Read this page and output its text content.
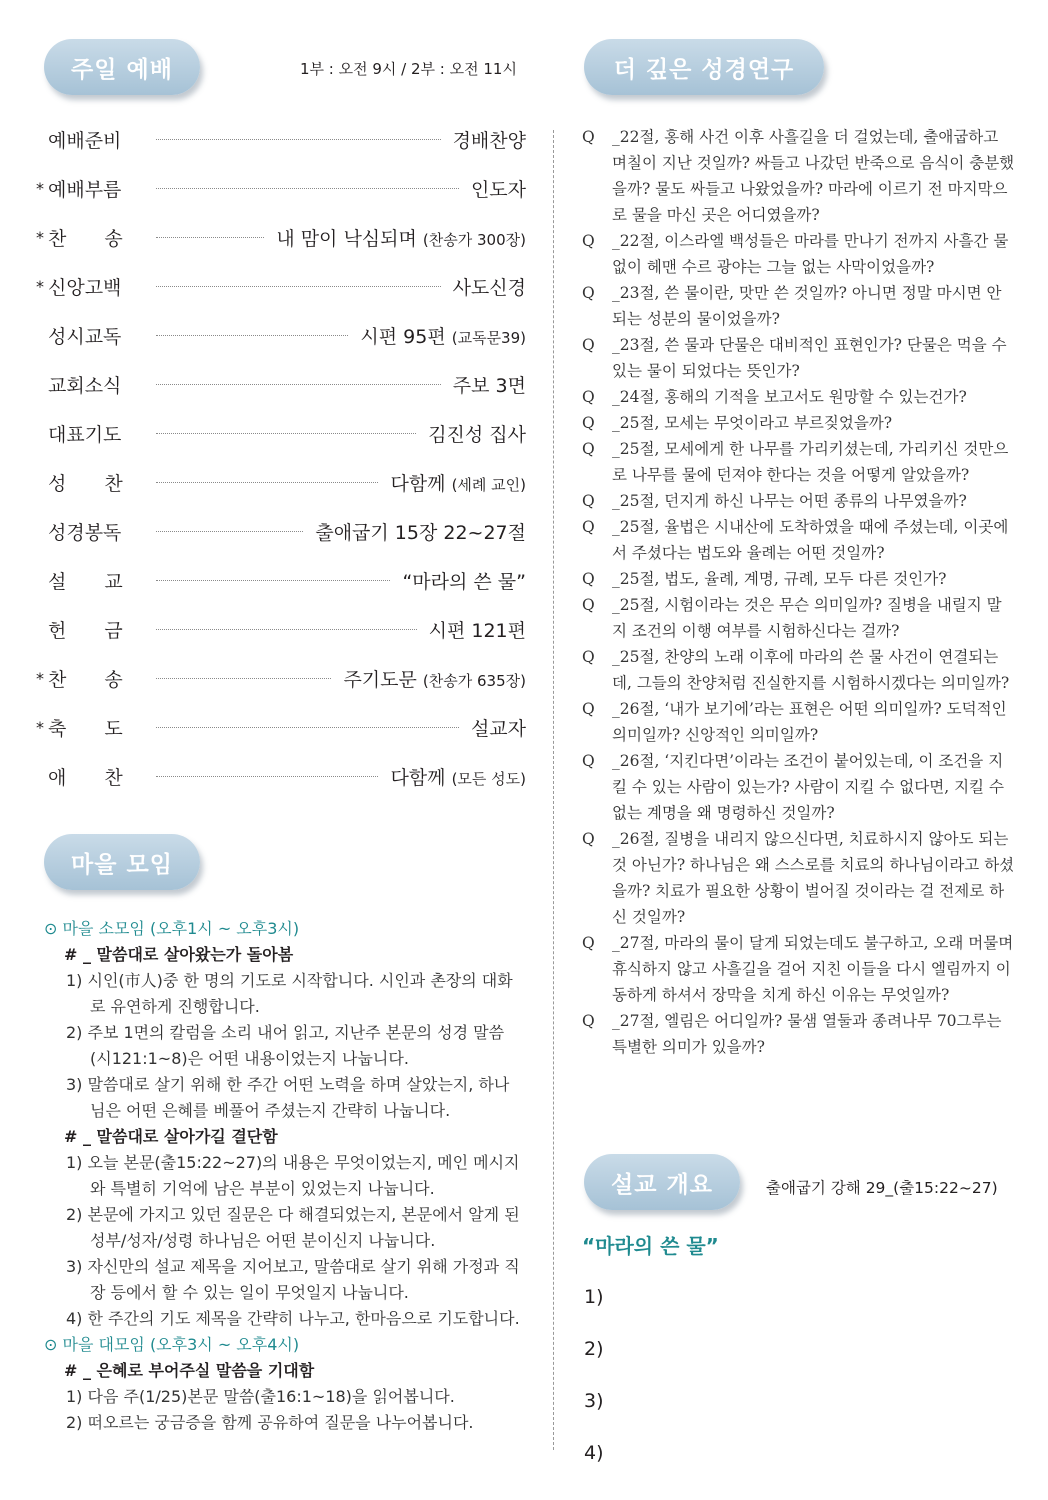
주일 예배	1부 : 오전 9시 / 2부 : 오전 11시
예배준비	경배찬양
* 예배부름	인도자
* 찬　　송	내 맘이 낙심되며 (찬송가 300장)
* 신앙고백	사도신경
성시교독	시편 95편 (교독문39)
교회소식	주보 3면
대표기도	김진성 집사
성　　찬	다함께 (세례 교인)
성경봉독	출애굽기 15장 22~27절
설　　교	“마라의 쓴 물”
헌　　금	시편 121편
* 찬　　송	주기도문 (찬송가 635장)
* 축　　도	설교자
애　　찬	다함께 (모든 성도)
마을 모임
⊙ 마을 소모임 (오후1시 ~ 오후3시)
# _ 말씀대로 살아왔는가 돌아봄
1) 시인(市人)중 한 명의 기도로 시작합니다. 시인과 촌장의 대화로 유연하게 진행합니다.
2) 주보 1면의 칼럼을 소리 내어 읽고, 지난주 본문의 성경 말씀(시121:1~8)은 어떤 내용이었는지 나눕니다.
3) 말씀대로 살기 위해 한 주간 어떤 노력을 하며 살았는지, 하나님은 어떤 은혜를 베풀어 주셨는지 간략히 나눕니다.
# _ 말씀대로 살아가길 결단함
1) 오늘 본문(출15:22~27)의 내용은 무엇이었는지, 메인 메시지와 특별히 기억에 남은 부분이 있었는지 나눕니다.
2) 본문에 가지고 있던 질문은 다 해결되었는지, 본문에서 알게 된 성부/성자/성령 하나님은 어떤 분이신지 나눕니다.
3) 자신만의 설교 제목을 지어보고, 말씀대로 살기 위해 가정과 직장 등에서 할 수 있는 일이 무엇일지 나눕니다.
4) 한 주간의 기도 제목을 간략히 나누고, 한마음으로 기도합니다.
⊙ 마을 대모임 (오후3시 ~ 오후4시)
# _ 은혜로 부어주실 말씀을 기대함
1) 다음 주(1/25)본문 말씀(출16:1~18)을 읽어봅니다.
2) 떠오르는 궁금증을 함께 공유하여 질문을 나누어봅니다.
더 깊은 성경연구
Q _22절, 홍해 사건 이후 사흘길을 더 걸었는데, 출애굽하고 며칠이 지난 것일까? 싸들고 나갔던 반죽으로 음식이 충분했을까? 물도 싸들고 나왔었을까? 마라에 이르기 전 마지막으로 물을 마신 곳은 어디였을까?
Q _22절, 이스라엘 백성들은 마라를 만나기 전까지 사흘간 물 없이 헤맨 수르 광야는 그늘 없는 사막이었을까?
Q _23절, 쓴 물이란, 맛만 쓴 것일까? 아니면 정말 마시면 안 되는 성분의 물이었을까?
Q _23절, 쓴 물과 단물은 대비적인 표현인가? 단물은 먹을 수 있는 물이 되었다는 뜻인가?
Q _24절, 홍해의 기적을 보고서도 원망할 수 있는건가?
Q _25절, 모세는 무엇이라고 부르짖었을까?
Q _25절, 모세에게 한 나무를 가리키셨는데, 가리키신 것만으로 나무를 물에 던져야 한다는 것을 어떻게 알았을까?
Q _25절, 던지게 하신 나무는 어떤 종류의 나무였을까?
Q _25절, 율법은 시내산에 도착하였을 때에 주셨는데, 이곳에서 주셨다는 법도와 율례는 어떤 것일까?
Q _25절, 법도, 율례, 계명, 규례, 모두 다른 것인가?
Q _25절, 시험이라는 것은 무슨 의미일까? 질병을 내릴지 말지 조건의 이행 여부를 시험하신다는 걸까?
Q _25절, 찬양의 노래 이후에 마라의 쓴 물 사건이 연결되는데, 그들의 찬양처럼 진실한지를 시험하시겠다는 의미일까?
Q _26절, ‘내가 보기에’라는 표현은 어떤 의미일까? 도덕적인 의미일까? 신앙적인 의미일까?
Q _26절, ‘지킨다면’이라는 조건이 붙어있는데, 이 조건을 지킬 수 있는 사람이 있는가? 사람이 지킬 수 없다면, 지킬 수 없는 계명을 왜 명령하신 것일까?
Q _26절, 질병을 내리지 않으신다면, 치료하시지 않아도 되는 것 아닌가? 하나님은 왜 스스로를 치료의 하나님이라고 하셨을까? 치료가 필요한 상황이 벌어질 것이라는 걸 전제로 하신 것일까?
Q _27절, 마라의 물이 달게 되었는데도 불구하고, 오래 머물며 휴식하지 않고 사흘길을 걸어 지친 이들을 다시 엘림까지 이동하게 하셔서 장막을 치게 하신 이유는 무엇일까?
Q _27절, 엘림은 어디일까? 물샘 열둘과 종려나무 70그루는 특별한 의미가 있을까?
설교 개요	출애굽기 강해 29_(출15:22~27)
“마라의 쓴 물”
1)
2)
3)
4)
